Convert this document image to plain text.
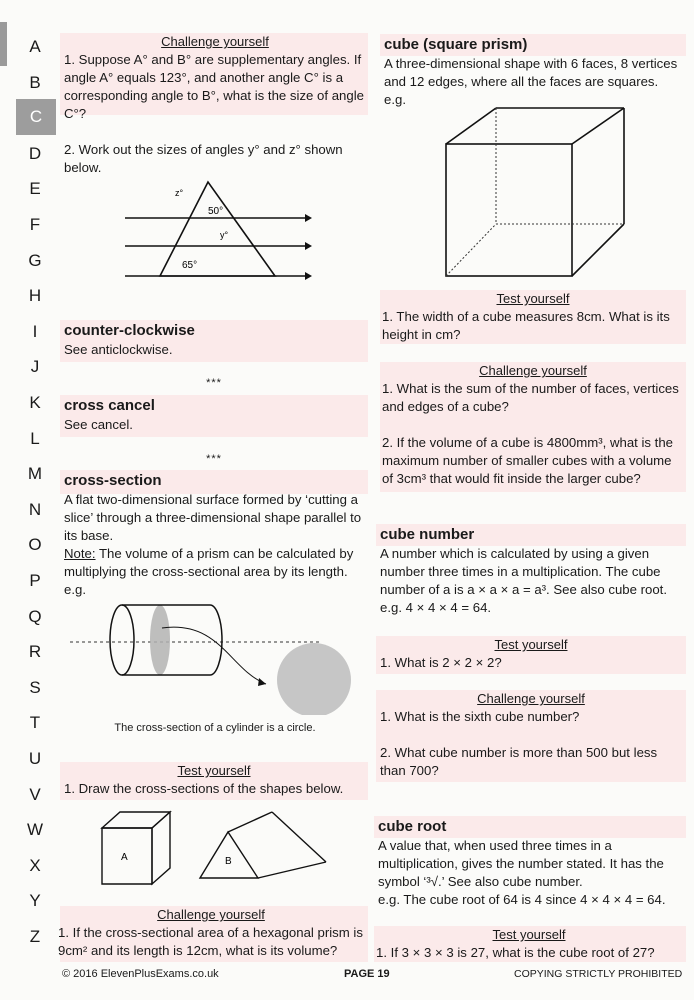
A
B
C
D
E
F
G
H
I
J
K
L
M
N
O
P
Q
R
S
T
U
V
W
X
Y
Z
Challenge yourself

1. Suppose A° and B° are supplementary angles. If angle A° equals 123°, and another angle C° is a corresponding angle to B°, what is the size of angle C°?

2. Work out the sizes of angles y° and z° shown below.

z°
50°
y°
65°
counter-clockwise

See anticlockwise.

***
cross cancel

See cancel.

***
cross-section

A flat two-dimensional surface formed by ‘cutting a slice’ through a three-dimensional shape parallel to its base.

Note: The volume of a prism can be calculated by multiplying the cross-sectional area by its length.

e.g.

The cross-section of a cylinder is a circle.
Test yourself

1. Draw the cross-sections of the shapes below.

A	B
Challenge yourself

1. If the cross-sectional area of a hexagonal prism is 9cm² and its length is 12cm, what is its volume?

cube (square prism)

A three-dimensional shape with 6 faces, 8 vertices and 12 edges, where all the faces are squares.

e.g.

Test yourself

1. The width of a cube measures 8cm. What is its height in cm?

Challenge yourself

1. What is the sum of the number of faces, vertices and edges of a cube?

2. If the volume of a cube is 4800mm³, what is the maximum number of smaller cubes with a volume of 3cm³ that would fit inside the larger cube?

cube number

A number which is calculated by using a given number three times in a multiplication. The cube number of a is a × a × a = a³. See also cube root.

e.g. 4 × 4 × 4 = 64.

Test yourself

1. What is 2 × 2 × 2?

Challenge yourself

1. What is the sixth cube number?

2. What cube number is more than 500 but less than 700?

cube root

A value that, when used three times in a multiplication, gives the number stated. It has the symbol ‘³√.’ See also cube number.

e.g. The cube root of 64 is 4 since 4 × 4 × 4 = 64.

Test yourself

1. If 3 × 3 × 3 is 27, what is the cube root of 27?

© 2016 ElevenPlusExams.co.uk	PAGE 19	COPYING STRICTLY PROHIBITED
